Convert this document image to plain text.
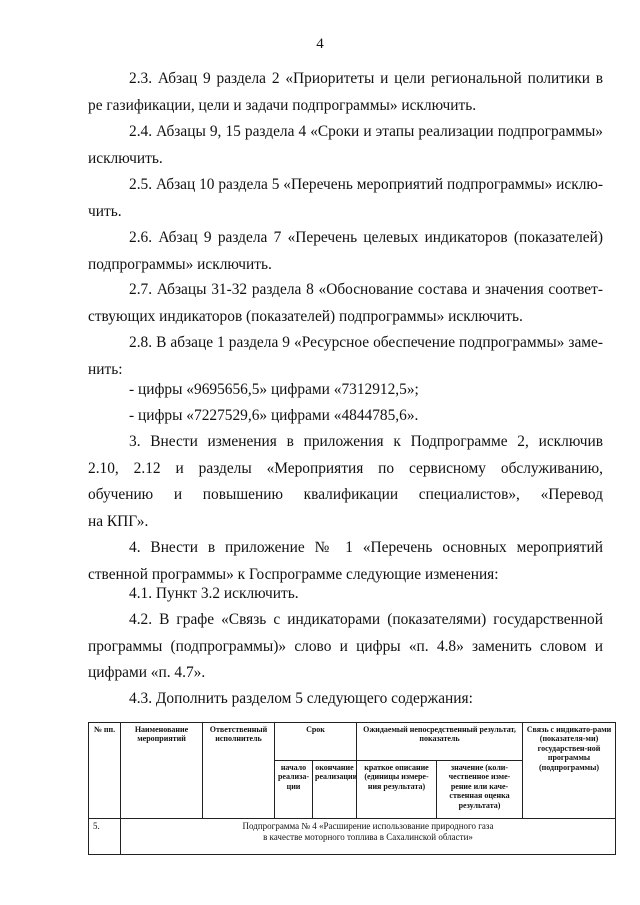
4
2.3. Абзац 9 раздела 2 «Приоритеты и цели региональной политики в
ре газификации, цели и задачи подпрограммы» исключить.
2.4. Абзацы 9, 15 раздела 4 «Сроки и этапы реализации подпрограммы»
исключить.
2.5. Абзац 10 раздела 5 «Перечень мероприятий подпрограммы» исклю-
чить.
2.6. Абзац 9 раздела 7 «Перечень целевых индикаторов (показателей)
подпрограммы» исключить.
2.7. Абзацы 31-32 раздела 8 «Обоснование состава и значения соответ-
ствующих индикаторов (показателей) подпрограммы» исключить.
2.8. В абзаце 1 раздела 9 «Ресурсное обеспечение подпрограммы» заме-
нить:
- цифры «9695656,5» цифрами «7312912,5»;
- цифры «7227529,6» цифрами «4844785,6».
3. Внести изменения в приложения к Подпрограмме 2, исключив
2.10, 2.12 и разделы «Мероприятия по сервисному обслуживанию,
обучению и повышению квалификации специалистов», «Перевод
на КПГ».
4. Внести в приложение № 1 «Перечень основных мероприятий
ственной программы» к Госпрограмме следующие изменения:
4.1. Пункт 3.2 исключить.
4.2. В графе «Связь с индикаторами (показателями) государственной
программы (подпрограммы)» слово и цифры «п. 4.8» заменить словом и
цифрами «п. 4.7».
4.3. Дополнить разделом 5 следующего содержания:
№ пп.	Наименование мероприятий	Ответственный исполнитель	Срок		Ожидаемый непосредственный результат, показатель		Связь с индикато-рами (показателя-ми) государствен-ной программы (подпрограммы)
			начало реализа-ции	окончание реализации	краткое описание (единицы измере-ния результата)	значение (коли-чественное изме-рение или каче-ственная оценка результата)	
5.	Подпрограмма № 4 «Расширение использование природного газа
в качестве моторного топлива в Сахалинской области»						
